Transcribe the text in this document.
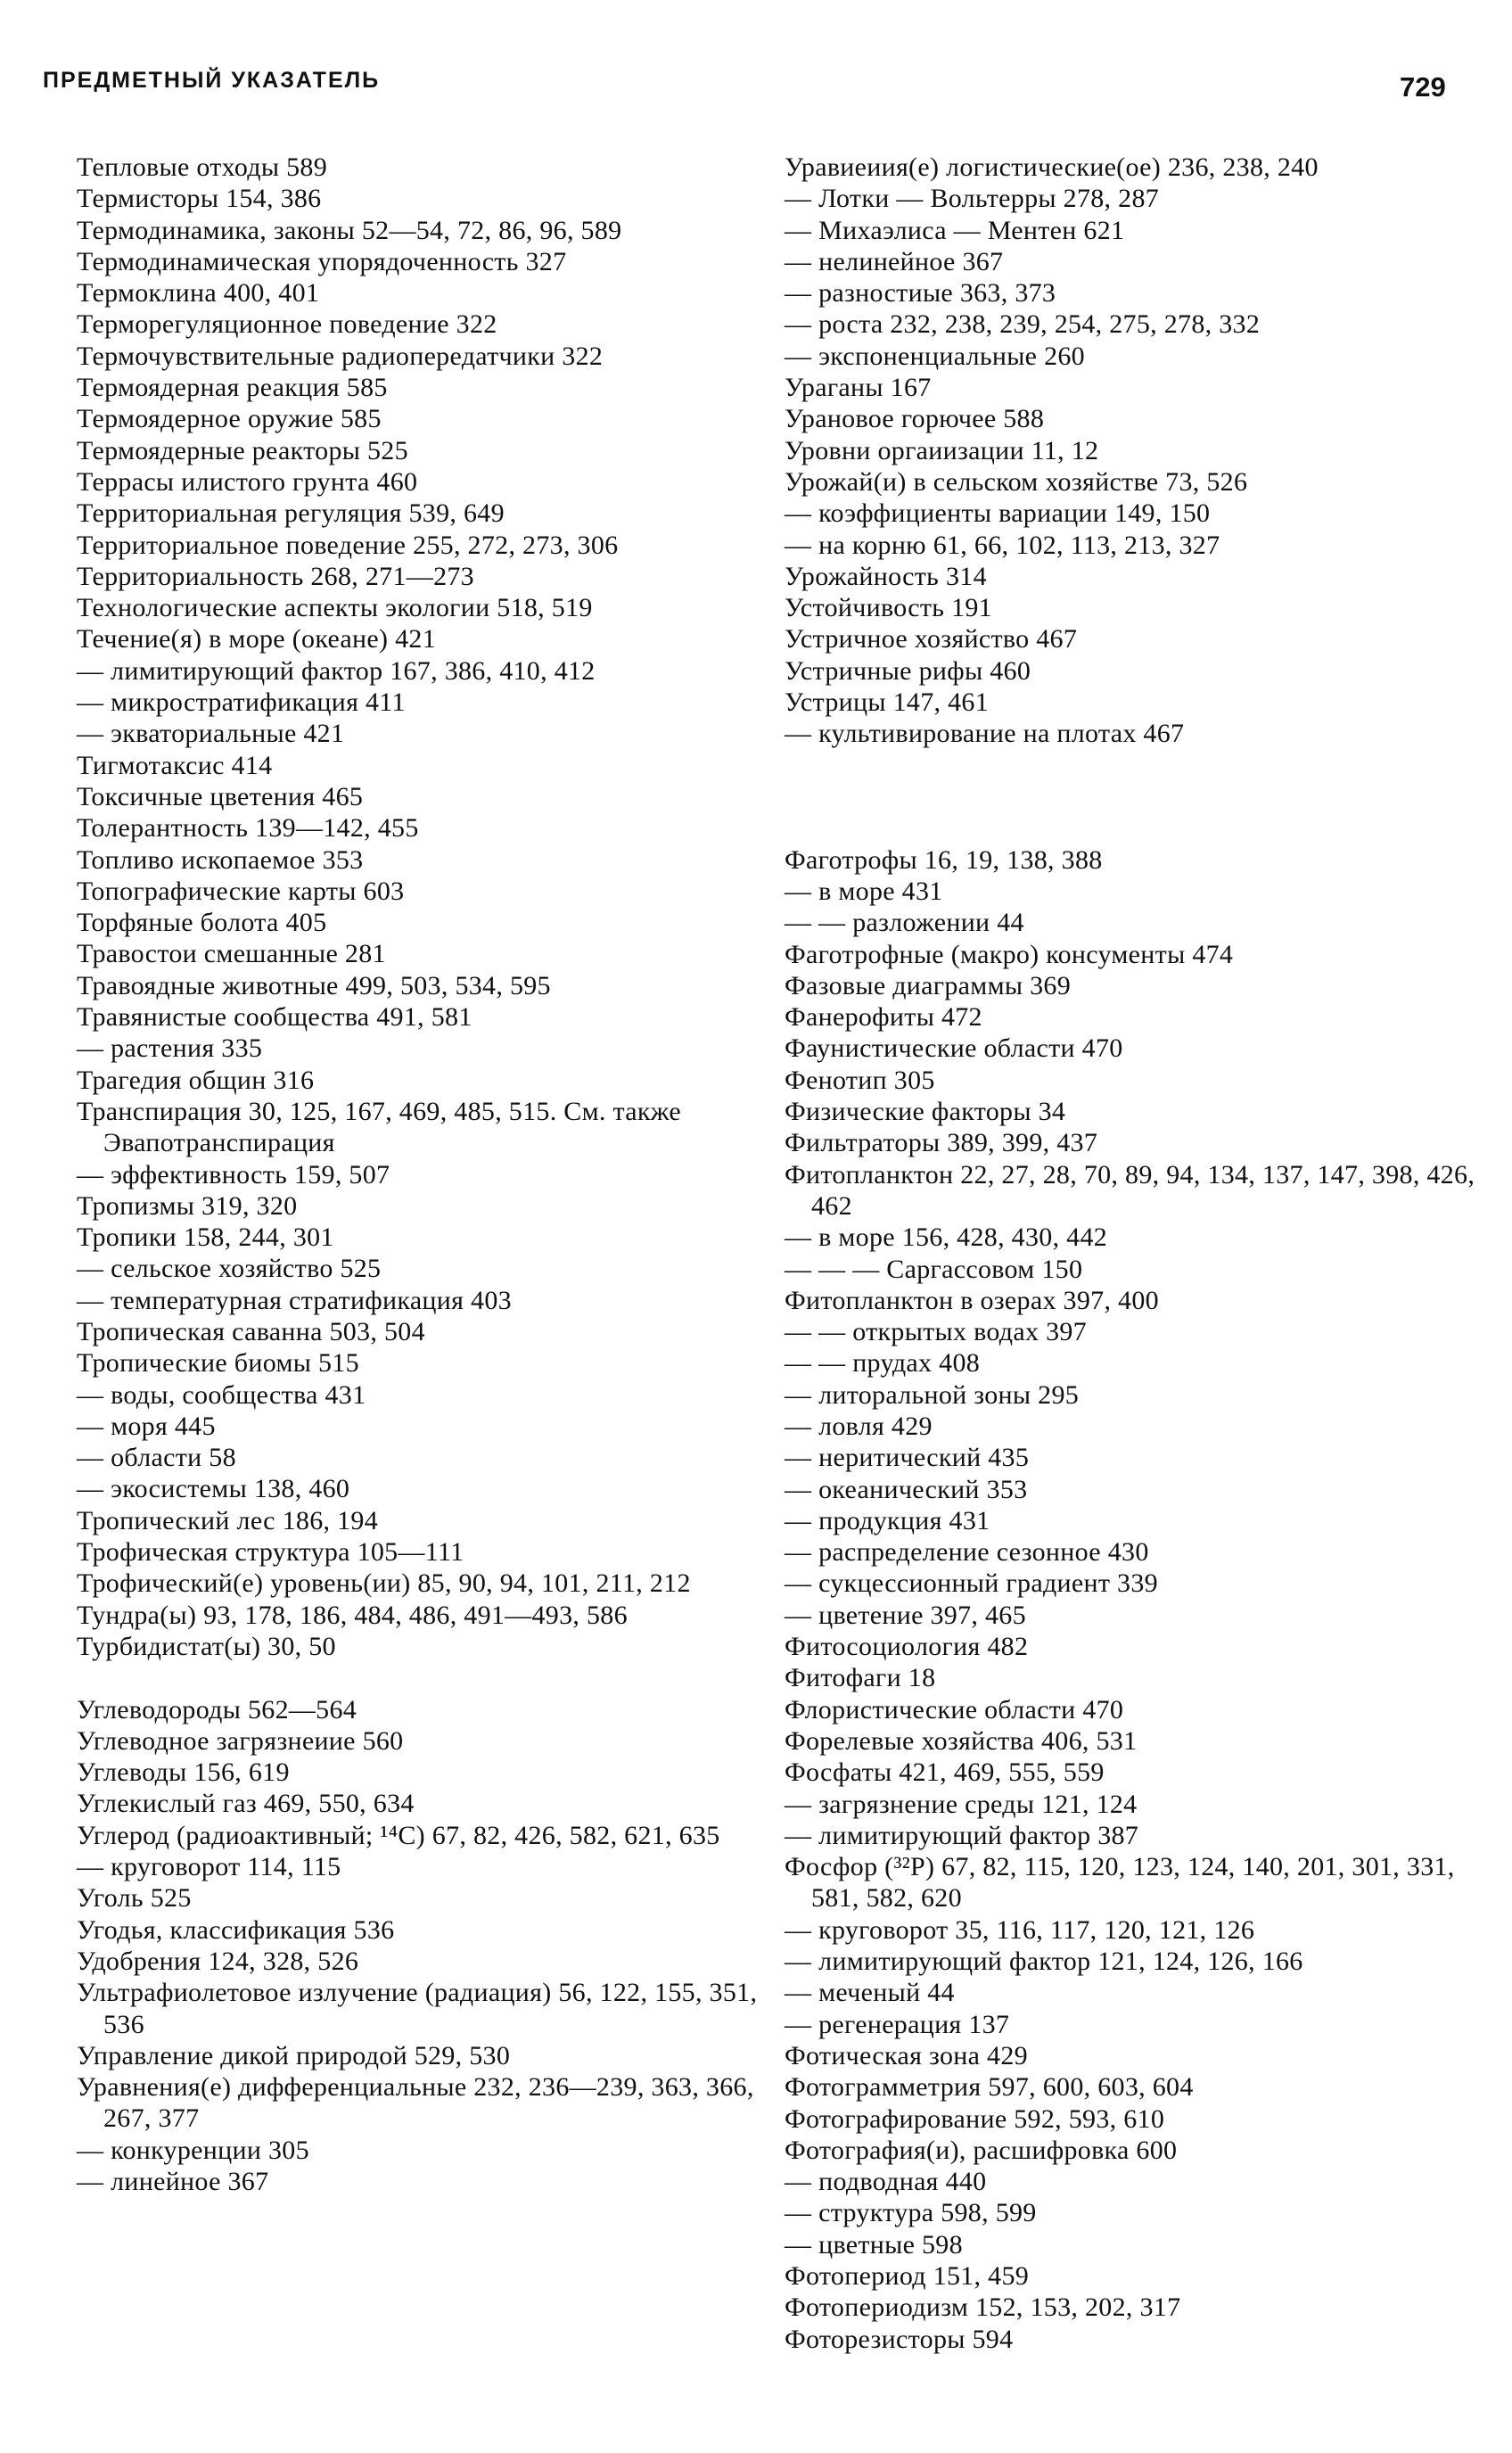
ПРЕДМЕТНЫЙ УКАЗАТЕЛЬ	729
Тепловые отходы 589
Термисторы 154, 386
Термодинамика, законы 52—54, 72, 86, 96, 589
Термодинамическая упорядоченность 327
Термоклина 400, 401
Терморегуляционное поведение 322
Термочувствительные радиопередатчики 322
Термоядерная реакция 585
Термоядерное оружие 585
Термоядерные реакторы 525
Террасы илистого грунта 460
Территориальная регуляция 539, 649
Территориальное поведение 255, 272, 273, 306
Территориальность 268, 271—273
Технологические аспекты экологии 518, 519
Течение(я) в море (океане) 421
— лимитирующий фактор 167, 386, 410, 412
— микростратификация 411
— экваториальные 421
Тигмотаксис 414
Токсичные цветения 465
Толерантность 139—142, 455
Топливо ископаемое 353
Топографические карты 603
Торфяные болота 405
Травостои смешанные 281
Травоядные животные 499, 503, 534, 595
Травянистые сообщества 491, 581
— растения 335
Трагедия общин 316
Транспирация 30, 125, 167, 469, 485, 515. См. также Эвапотранспирация
— эффективность 159, 507
Тропизмы 319, 320
Тропики 158, 244, 301
— сельское хозяйство 525
— температурная стратификация 403
Тропическая саванна 503, 504
Тропические биомы 515
— воды, сообщества 431
— моря 445
— области 58
— экосистемы 138, 460
Тропический лес 186, 194
Трофическая структура 105—111
Трофический(е) уровень(ии) 85, 90, 94, 101, 211, 212
Тундра(ы) 93, 178, 186, 484, 486, 491—493, 586
Турбидистат(ы) 30, 50
Углеводороды 562—564
Углеводное загрязнеиие 560
Углеводы 156, 619
Углекислый газ 469, 550, 634
Углерод (радиоактивный; ¹⁴C) 67, 82, 426, 582, 621, 635
— круговорот 114, 115
Уголь 525
Угодья, классификация 536
Удобрения 124, 328, 526
Ультрафиолетовое излучение (радиация) 56, 122, 155, 351, 536
Управление дикой природой 529, 530
Уравнения(е) дифференциальные 232, 236—239, 363, 366, 267, 377
— конкуренции 305
— линейное 367
Уравиеиия(е) логистические(ое) 236, 238, 240
— Лотки — Вольтерры 278, 287
— Михаэлиса — Ментен 621
— нелинейное 367
— разностиые 363, 373
— роста 232, 238, 239, 254, 275, 278, 332
— экспоненциальные 260
Ураганы 167
Урановое горючее 588
Уровни оргаиизации 11, 12
Урожай(и) в сельском хозяйстве 73, 526
— коэффициенты вариации 149, 150
— на корню 61, 66, 102, 113, 213, 327
Урожайность 314
Устойчивость 191
Устричное хозяйство 467
Устричные рифы 460
Устрицы 147, 461
— культивирование на плотах 467
Фаготрофы 16, 19, 138, 388
— в море 431
— — разложении 44
Фаготрофные (макро) консументы 474
Фазовые диаграммы 369
Фанерофиты 472
Фаунистические области 470
Фенотип 305
Физические факторы 34
Фильтраторы 389, 399, 437
Фитопланктон 22, 27, 28, 70, 89, 94, 134, 137, 147, 398, 426, 462
— в море 156, 428, 430, 442
— — — Саргассовом 150
Фитопланктон в озерах 397, 400
— — открытых водах 397
— — прудах 408
— литоральной зоны 295
— ловля 429
— неритический 435
— океанический 353
— продукция 431
— распределение сезонное 430
— сукцессионный градиент 339
— цветение 397, 465
Фитосоциология 482
Фитофаги 18
Флористические области 470
Форелевые хозяйства 406, 531
Фосфаты 421, 469, 555, 559
— загрязнение среды 121, 124
— лимитирующий фактор 387
Фосфор (³²P) 67, 82, 115, 120, 123, 124, 140, 201, 301, 331, 581, 582, 620
— круговорот 35, 116, 117, 120, 121, 126
— лимитирующий фактор 121, 124, 126, 166
— меченый 44
— регенерация 137
Фотическая зона 429
Фотограмметрия 597, 600, 603, 604
Фотографирование 592, 593, 610
Фотография(и), расшифровка 600
— подводная 440
— структура 598, 599
— цветные 598
Фотопериод 151, 459
Фотопериодизм 152, 153, 202, 317
Фоторезисторы 594
